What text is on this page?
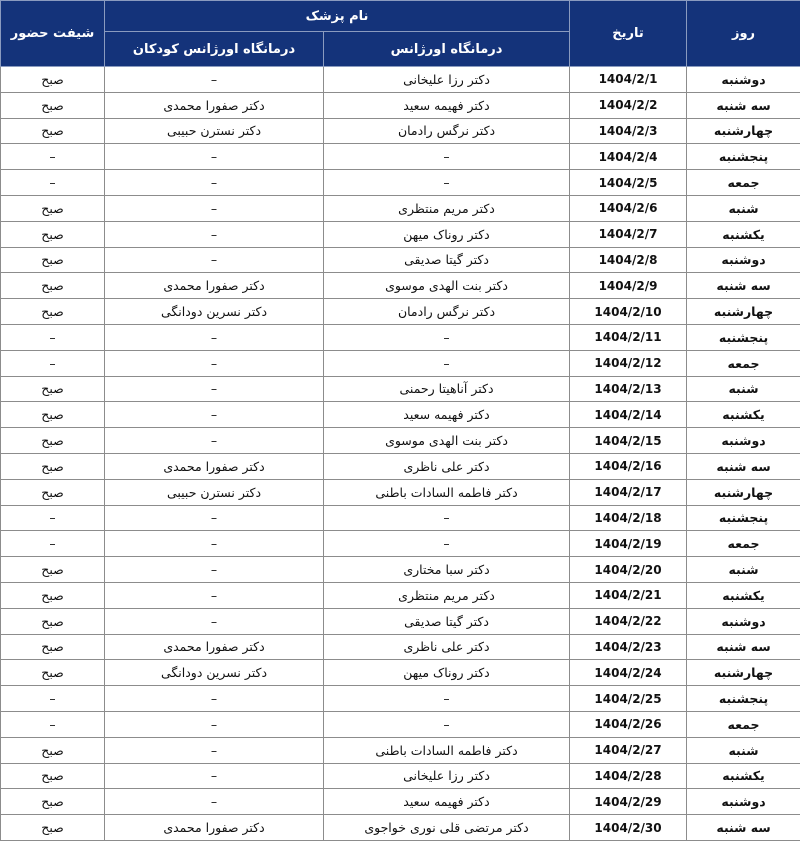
روز	تاریخ	نام پزشک		شیفت حضور
		درمانگاه اورژانس	درمانگاه اورژانس کودکان	
دوشنبه	1404/2/1	دکتر رزا علیخانی	–	صبح
سه شنبه	1404/2/2	دکتر فهیمه سعید	دکتر صفورا محمدی	صبح
چهارشنبه	1404/2/3	دکتر نرگس رادمان	دکتر نسترن حبیبی	صبح
پنجشنبه	1404/2/4	–	–	–
جمعه	1404/2/5	–	–	–
شنبه	1404/2/6	دکتر مریم منتظری	–	صبح
یکشنبه	1404/2/7	دکتر روناک میهن	–	صبح
دوشنبه	1404/2/8	دکتر گیتا صدیقی	–	صبح
سه شنبه	1404/2/9	دکتر بنت الهدی موسوی	دکتر صفورا محمدی	صبح
چهارشنبه	1404/2/10	دکتر نرگس رادمان	دکتر نسرین دودانگی	صبح
پنجشنبه	1404/2/11	–	–	–
جمعه	1404/2/12	–	–	–
شنبه	1404/2/13	دکتر آناهیتا رحمنی	–	صبح
یکشنبه	1404/2/14	دکتر فهیمه سعید	–	صبح
دوشنبه	1404/2/15	دکتر بنت الهدی موسوی	–	صبح
سه شنبه	1404/2/16	دکتر علی ناظری	دکتر صفورا محمدی	صبح
چهارشنبه	1404/2/17	دکتر فاطمه السادات باطنی	دکتر نسترن حبیبی	صبح
پنجشنبه	1404/2/18	–	–	–
جمعه	1404/2/19	–	–	–
شنبه	1404/2/20	دکتر سبا مختاری	–	صبح
یکشنبه	1404/2/21	دکتر مریم منتظری	–	صبح
دوشنبه	1404/2/22	دکتر گیتا صدیقی	–	صبح
سه شنبه	1404/2/23	دکتر علی ناظری	دکتر صفورا محمدی	صبح
چهارشنبه	1404/2/24	دکتر روناک میهن	دکتر نسرین دودانگی	صبح
پنجشنبه	1404/2/25	–	–	–
جمعه	1404/2/26	–	–	–
شنبه	1404/2/27	دکتر فاطمه السادات باطنی	–	صبح
یکشنبه	1404/2/28	دکتر رزا علیخانی	–	صبح
دوشنبه	1404/2/29	دکتر فهیمه سعید	–	صبح
سه شنبه	1404/2/30	دکتر مرتضی قلی نوری خواجوی	دکتر صفورا محمدی	صبح
